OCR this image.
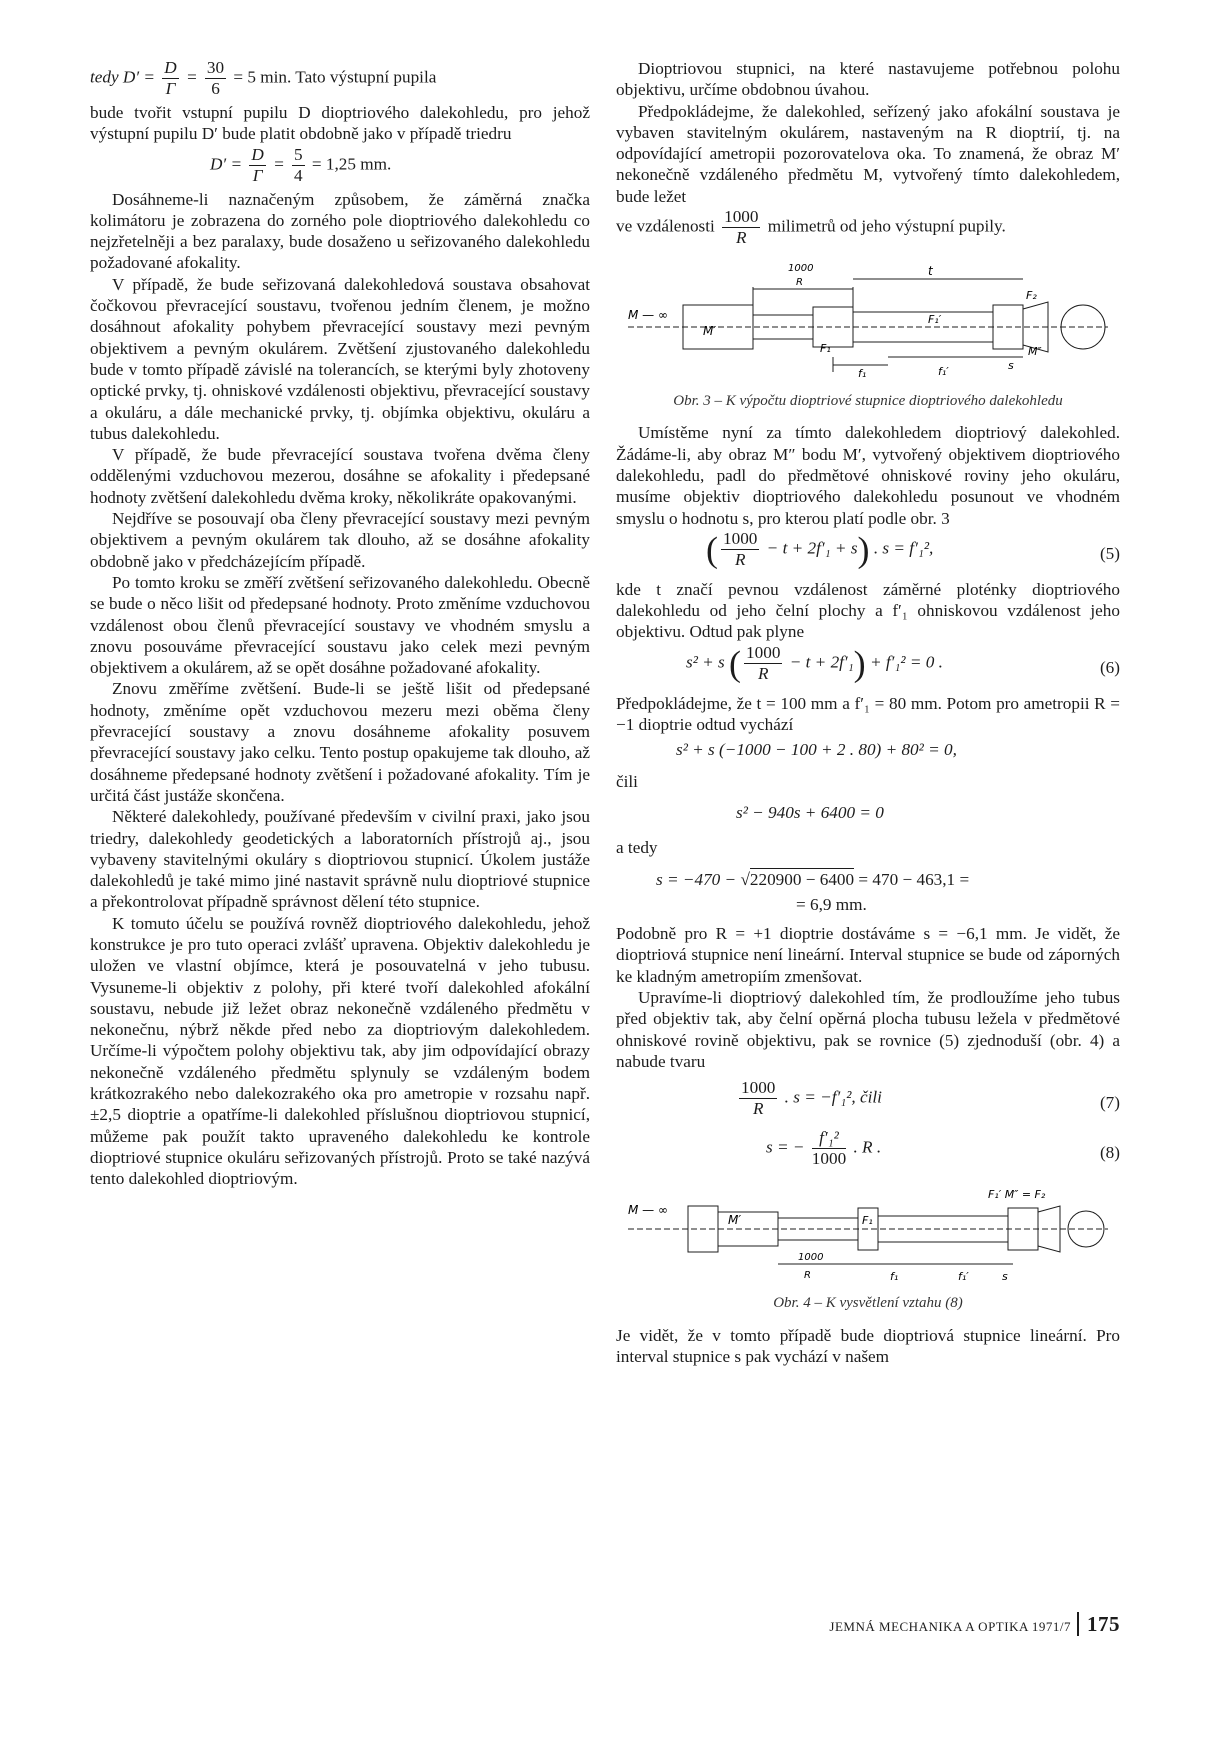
tedy $D' = \frac{D}{\Gamma} = \frac{30}{6} = 5$ min. Tato výstupní pupila

bude tvořit vstupní pupilu D dioptriového dalekohledu, pro jehož výstupní pupilu D′ bude platit obdobně jako v případě triedru

$D' = \frac{D}{\Gamma} = \frac{5}{4} = 1,25$ mm.

Dosáhneme-li naznačeným způsobem, že záměrná značka kolimátoru je zobrazena do zorného pole dioptriového dalekohledu co nejzřetelněji a bez paralaxy, bude dosaženo u seřizovaného dalekohledu požadované afokality.

V případě, že bude seřizovaná dalekohledová soustava obsahovat čočkovou převracející soustavu, tvořenou jedním členem, je možno dosáhnout afokality pohybem převracející soustavy mezi pevným objektivem a pevným okulárem. Zvětšení zjustovaného dalekohledu bude v tomto případě závislé na tolerancích, se kterými byly zhotoveny optické prvky, tj. ohniskové vzdálenosti objektivu, převracející soustavy a okuláru, a dále mechanické prvky, tj. objímka objektivu, okuláru a tubus dalekohledu.

V případě, že bude převracející soustava tvořena dvěma členy oddělenými vzduchovou mezerou, dosáhne se afokality i předepsané hodnoty zvětšení dalekohledu dvěma kroky, několikráte opakovanými.

Nejdříve se posouvají oba členy převracející soustavy mezi pevným objektivem a pevným okulárem tak dlouho, až se dosáhne afokality obdobně jako v předcházejícím případě.

Po tomto kroku se změří zvětšení seřizovaného dalekohledu. Obecně se bude o něco lišit od předepsané hodnoty. Proto změníme vzduchovou vzdálenost obou členů převracející soustavy ve vhodném smyslu a znovu posouváme převracející soustavu jako celek mezi pevným objektivem a okulárem, až se opět dosáhne požadované afokality.

Znovu změříme zvětšení. Bude-li se ještě lišit od předepsané hodnoty, změníme opět vzduchovou mezeru mezi oběma členy převracející soustavy a znovu dosáhneme afokality posuvem převracející soustavy jako celku. Tento postup opakujeme tak dlouho, až dosáhneme předepsané hodnoty zvětšení i požadované afokality. Tím je určitá část justáže skončena.

Některé dalekohledy, používané především v civilní praxi, jako jsou triedry, dalekohledy geodetických a laboratorních přístrojů aj., jsou vybaveny stavitelnými okuláry s dioptriovou stupnicí. Úkolem justáže dalekohledů je také mimo jiné nastavit správně nulu dioptriové stupnice a překontrolovat případně správnost dělení této stupnice.

K tomuto účelu se používá rovněž dioptriového dalekohledu, jehož konstrukce je pro tuto operaci zvlášť upravena. Objektiv dalekohledu je uložen ve vlastní objímce, která je posouvatelná v jeho tubusu. Vysuneme-li objektiv z polohy, při které tvoří dalekohled afokální soustavu, nebude již ležet obraz nekonečně vzdáleného předmětu v nekonečnu, nýbrž někde před nebo za dioptriovým dalekohledem. Určíme-li výpočtem polohy objektivu tak, aby jim odpovídající obrazy nekonečně vzdáleného předmětu splynuly se vzdáleným bodem krátkozrakého nebo dalekozrakého oka pro ametropie v rozsahu např. ±2,5 dioptrie a opatříme-li dalekohled příslušnou dioptriovou stupnicí, můžeme pak použít takto upraveného dalekohledu ke kontrole dioptriové stupnice okuláru seřizovaných přístrojů. Proto se také nazývá tento dalekohled dioptriovým.

Dioptriovou stupnici, na které nastavujeme potřebnou polohu objektivu, určíme obdobnou úvahou.

Předpokládejme, že dalekohled, seřízený jako afokální soustava je vybaven stavitelným okulárem, nastaveným na R dioptrií, tj. na odpovídající ametropii pozorovatelova oka. To znamená, že obraz M′ nekonečně vzdáleného předmětu M, vytvořený tímto dalekohledem, bude ležet

ve vzdálenosti $\frac{1000}{R}$ milimetrů od jeho výstupní pupily.
M — ∞
M′
F₁
F₁′
F₂
M″
t
s
f₁	f₁′
1000
R
Obr. 3 – K výpočtu dioptriové stupnice dioptriového dalekohledu

Umístěme nyní za tímto dalekohledem dioptriový dalekohled. Žádáme-li, aby obraz M″ bodu M′, vytvořený objektivem dioptriového dalekohledu, padl do předmětové ohniskové roviny jeho okuláru, musíme objektiv dioptriového dalekohledu posunout ve vhodném smyslu o hodnotu s, pro kterou platí podle obr. 3

( $\frac{1000}{R} - t + 2f'_1 + s$) . s = f′₁²,	(5)

kde t značí pevnou vzdálenost záměrné ploténky dioptriového dalekohledu od jeho čelní plochy a f′₁ ohniskovou vzdálenost jeho objektivu. Odtud pak plyne

s² + s ( $\frac{1000}{R} - t + 2f'_1) + f'_1^2 = 0$ .	(6)

Předpokládejme, že t = 100 mm a f′₁ = 80 mm. Potom pro ametropii R = −1 dioptrie odtud vychází

s² + s (−1000 − 100 + 2 . 80) + 80² = 0,

čili

s² − 940s + 6400 = 0

a tedy

s = −470 − √220900 − 6400 = 470 − 463,1 =
= 6,9 mm.

Podobně pro R = +1 dioptrie dostáváme s = −6,1 mm. Je vidět, že dioptriová stupnice není lineární. Interval stupnice se bude od záporných ke kladným ametropiím zmenšovat.

Upravíme-li dioptriový dalekohled tím, že prodloužíme jeho tubus před objektiv tak, aby čelní opěrná plocha tubusu ležela v předmětové ohniskové rovině objektivu, pak se rovnice (5) zjednoduší (obr. 4) a nabude tvaru

$\frac{1000}{R}$ . s = −f′₁², čili	(7)
s = − $\frac{\text{f′₁²}}{1000}$ . R .	(8)
M — ∞
M′	F₁
F₁′ M″ = F₂
1000
R	f₁	f₁′	s
Obr. 4 – K vysvětlení vztahu (8)

Je vidět, že v tomto případě bude dioptriová stupnice lineární. Pro interval stupnice s pak vychází v našem

JEMNÁ MECHANIKA A OPTIKA 1971/7 175
